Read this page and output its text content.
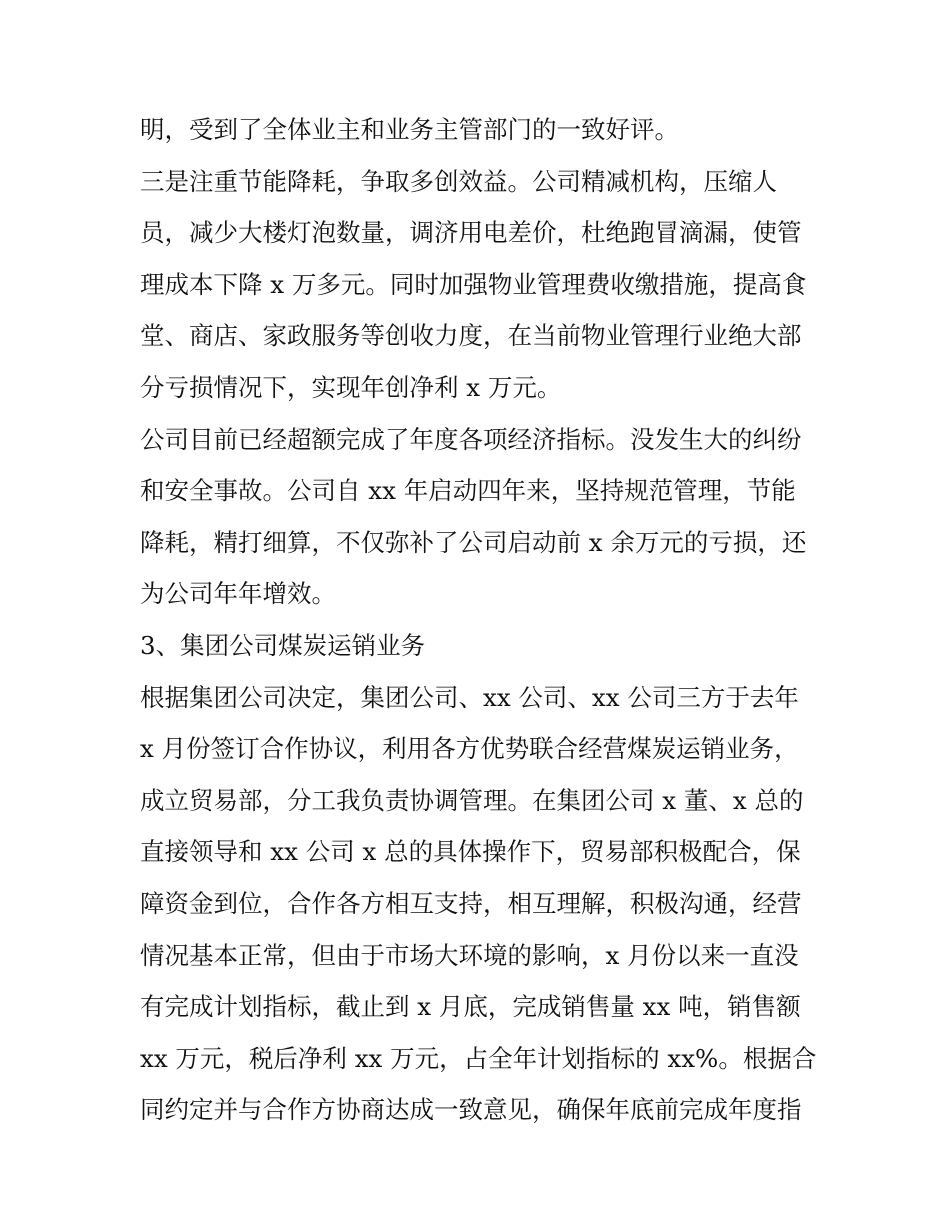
明，受到了全体业主和业务主管部门的一致好评。

三是注重节能降耗，争取多创效益。公司精减机构，压缩人

员，减少大楼灯泡数量，调济用电差价，杜绝跑冒滴漏，使管

理成本下降 x 万多元。同时加强物业管理费收缴措施，提高食

堂、商店、家政服务等创收力度，在当前物业管理行业绝大部

分亏损情况下，实现年创净利 x 万元。

公司目前已经超额完成了年度各项经济指标。没发生大的纠纷

和安全事故。公司自 xx 年启动四年来，坚持规范管理，节能

降耗，精打细算，不仅弥补了公司启动前 x 余万元的亏损，还

为公司年年增效。

3、集团公司煤炭运销业务

根据集团公司决定，集团公司、xx 公司、xx 公司三方于去年

x 月份签订合作协议，利用各方优势联合经营煤炭运销业务，

成立贸易部，分工我负责协调管理。在集团公司 x 董、x 总的

直接领导和 xx 公司 x 总的具体操作下，贸易部积极配合，保

障资金到位，合作各方相互支持，相互理解，积极沟通，经营

情况基本正常，但由于市场大环境的影响，x 月份以来一直没

有完成计划指标，截止到 x 月底，完成销售量 xx 吨，销售额

xx 万元，税后净利 xx 万元，占全年计划指标的 xx%。根据合

同约定并与合作方协商达成一致意见，确保年底前完成年度指
